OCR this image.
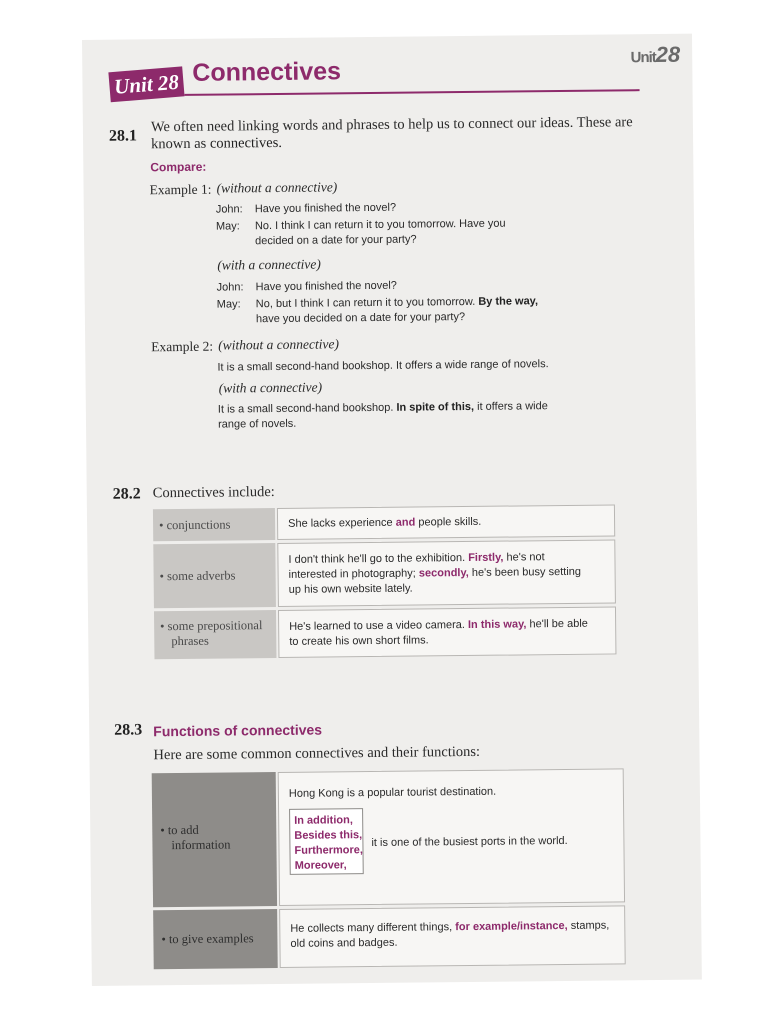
Unit 28 Connectives	Unit28
28.1
We often need linking words and phrases to help us to connect our ideas. These are
known as connectives.
Compare:
Example 1: (without a connective)
John: Have you finished the novel?
May: No. I think I can return it to you tomorrow. Have you
decided on a date for your party?
(with a connective)
John: Have you finished the novel?
May: No, but I think I can return it to you tomorrow. By the way,
have you decided on a date for your party?
Example 2: (without a connective)
It is a small second-hand bookshop. It offers a wide range of novels.
(with a connective)
It is a small second-hand bookshop. In spite of this, it offers a wide
range of novels.
28.2 Connectives include:
• conjunctions	She lacks experience and people skills.
• some adverbs
I don't think he'll go to the exhibition. Firstly, he's not
interested in photography; secondly, he's been busy setting
up his own website lately.
• some prepositional
phrases
He's learned to use a video camera. In this way, he'll be able
to create his own short films.
28.3 Functions of connectives
Here are some common connectives and their functions:
• to add
information
Hong Kong is a popular tourist destination.
In addition,
Besides this,
Furthermore,
Moreover,
it is one of the busiest ports in the world.
• to give examples
He collects many different things, for example/instance, stamps,
old coins and badges.
